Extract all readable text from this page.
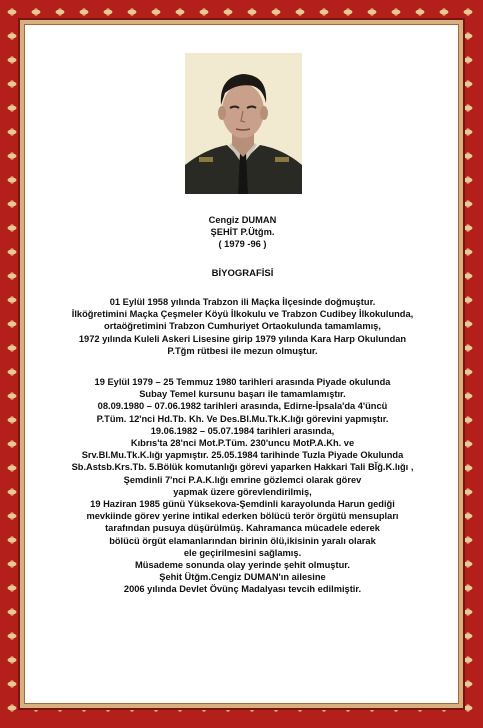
Cengiz DUMAN
ŞEHİT P.Ütğm.
( 1979 -96 )
BİYOGRAFİSİ
01 Eylül 1958 yılında Trabzon ili Maçka İlçesinde doğmuştur.
İlköğretimini Maçka Çeşmeler Köyü İlkokulu ve Trabzon Cudibey İlkokulunda,
ortaöğretimini Trabzon Cumhuriyet Ortaokulunda tamamlamış,
1972 yılında Kuleli Askeri Lisesine girip 1979 yılında Kara Harp Okulundan
P.Tğm rütbesi ile mezun olmuştur.
19 Eylül 1979 – 25 Temmuz 1980 tarihleri arasında Piyade okulunda
Subay Temel kursunu başarı ile tamamlamıştır.
08.09.1980 – 07.06.1982 tarihleri arasında, Edirne-İpsala'da 4'üncü
P.Tüm. 12'nci Hd.Tb. Kh. Ve Des.Bl.Mu.Tk.K.lığı görevini yapmıştır.
19.06.1982 – 05.07.1984 tarihleri arasında,
Kıbrıs'ta 28'nci Mot.P.Tüm. 230'uncu MotP.A.Kh. ve
Srv.Bl.Mu.Tk.K.lığı yapmıştır. 25.05.1984 tarihinde Tuzla Piyade Okulunda
Sb.Astsb.Krs.Tb. 5.Bölük komutanlığı görevi yaparken Hakkari Tali Bl̆ğ.K.lığı ,
Şemdinli 7'nci P.A.K.lığı emrine gözlemci olarak görev
yapmak üzere görevlendirilmiş,
19 Haziran 1985 günü Yüksekova-Şemdinli karayolunda Harun gediği
mevkiinde görev yerine intikal ederken bölücü terör örgütü mensupları
tarafından pusuya düşürülmüş. Kahramanca mücadele ederek
bölücü örgüt elamanlarından birinin ölü,ikisinin yaralı olarak
ele geçirilmesini sağlamış.
Müsademe sonunda olay yerinde şehit olmuştur.
Şehit Ütğm.Cengiz DUMAN'ın ailesine
2006 yılında Devlet Övünç Madalyası tevcih edilmiştir.
